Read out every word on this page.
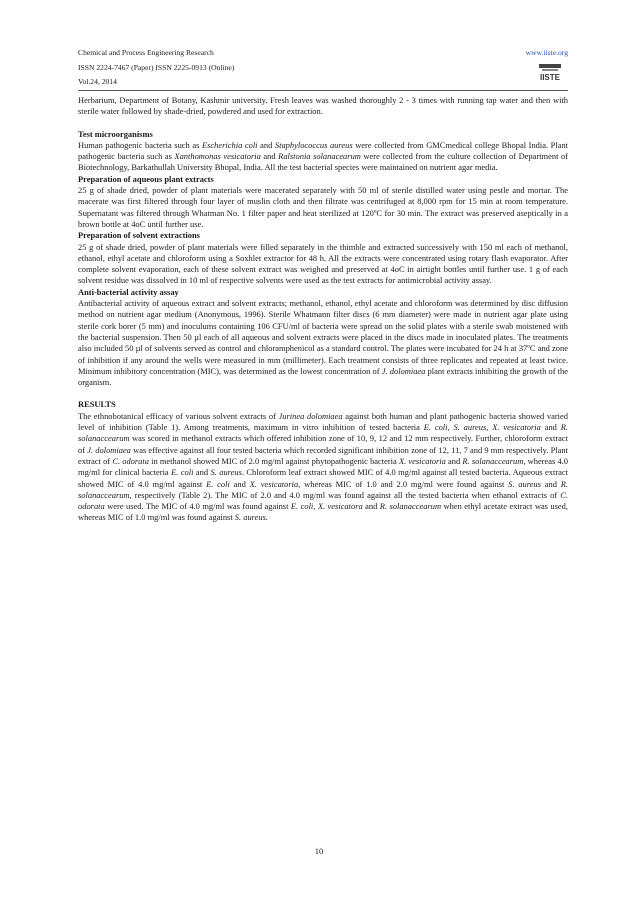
Chemical and Process Engineering Research
ISSN 2224-7467 (Paper) ISSN 2225-0913 (Online)
Vol.24, 2014
www.iiste.org
IISTE

Herbarium, Department of Botany, Kashmir university. Fresh leaves was washed thoroughly 2 - 3 times with running tap water and then with sterile water followed by shade-dried, powdered and used for extraction.

Test microorganisms

Human pathogenic bacteria such as Escherichia coli and Staphylococcus aureus were collected from GMCmedical college Bhopal India. Plant pathogenic bacteria such as Xanthomonas vesicatoria and Ralstonia solanacearum were collected from the culture collection of Department of Biotechnology, Barkathullah University Bhopal, India. All the test bacterial species were maintained on nutrient agar media.

Preparation of aqueous plant extracts

25 g of shade dried, powder of plant materials were macerated separately with 50 ml of sterile distilled water using pestle and mortar. The macerate was first filtered through four layer of muslin cloth and then filtrate was centrifuged at 8,000 rpm for 15 min at room temperature. Supernatant was filtered through Whatman No. 1 filter paper and heat sterilized at 120ºC for 30 min. The extract was preserved aseptically in a brown bottle at 4oC until further use.

Preparation of solvent extractions

25 g of shade dried, powder of plant materials were filled separately in the thimble and extracted successively with 150 ml each of methanol, ethanol, ethyl acetate and chloroform using a Soxhlet extractor for 48 h. All the extracts were concentrated using rotary flash evaporator. After complete solvent evaporation, each of these solvent extract was weighed and preserved at 4oC in airtight bottles until further use. 1 g of each solvent residue was dissolved in 10 ml of respective solvents were used as the test extracts for antimicrobial activity assay.

Anti-bacterial activity assay

Antibacterial activity of aqueous extract and solvent extracts; methanol, ethanol, ethyl acetate and chloroform was determined by disc diffusion method on nutrient agar medium (Anonymous, 1996). Sterile Whatmann filter discs (6 mm diameter) were made in nutrient agar plate using sterile cork borer (5 mm) and inoculums containing 106 CFU/ml of bacteria were spread on the solid plates with a sterile swab moistened with the bacterial suspension. Then 50 µl each of all aqueous and solvent extracts were placed in the discs made in inoculated plates. The treatments also included 50 µl of solvents served as control and chloramphenicol as a standard control. The plates were incubated for 24 h at 37ºC and zone of inhibition if any around the wells were measured in mm (millimeter). Each treatment consists of three replicates and repeated at least twice. Minimum inhibitory concentration (MIC), was determined as the lowest concentration of J. dolomiaea plant extracts inhibiting the growth of the organism.

RESULTS

The ethnobotanical efficacy of various solvent extracts of Jurinea dolomiaea against both human and plant pathogenic bacteria showed varied level of inhibition (Table 1). Among treatments, maximum in vitro inhibition of tested bacteria E. coli, S. aureus, X. vesicatoria and R. solanaccearum was scored in methanol extracts which offered inhibition zone of 10, 9, 12 and 12 mm respectively. Further, chloroform extract of J. dolomiaea was effective against all four tested bacteria which recorded significant inhibition zone of 12, 11, 7 and 9 mm respectively. Plant extract of C. odorata in methanol showed MIC of 2.0 mg/ml against phytopathogenic bacteria X. vesicatoria and R. solanaccearum, whereas 4.0 mg/ml for clinical bacteria E. coli and S. aureus. Chloroform leaf extract showed MIC of 4.0 mg/ml against all tested bacteria. Aqueous extract showed MIC of 4.0 mg/ml against E. coli and X. vesicatoria, whereas MIC of 1.0 and 2.0 mg/ml were found against S. aureus and R. solanaccearum, respectively (Table 2). The MIC of 2.0 and 4.0 mg/ml was found against all the tested bacteria when ethanol extracts of C. odorata were used. The MIC of 4.0 mg/ml was found against E. coli, X. vesicatora and R. solanaccearum when ethyl acetate extract was used, whereas MIC of 1.0 mg/ml was found against S. aureus.

10
